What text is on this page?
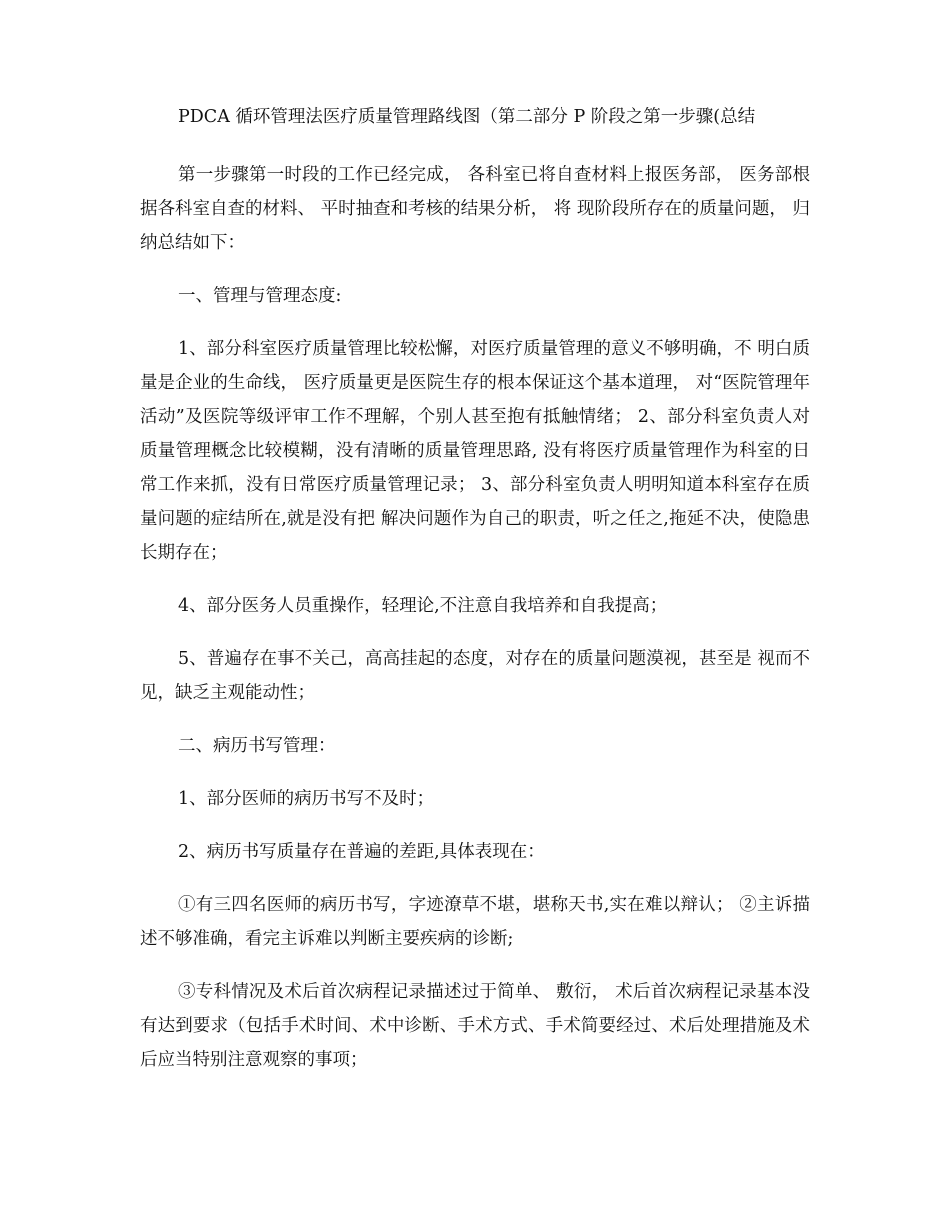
PDCA 循环管理法医疗质量管理路线图（第二部分 P 阶段之第一步骤(总结

第一步骤第一时段的工作已经完成， 各科室已将自查材料上报医务部， 医务部根据各科室自查的材料、 平时抽查和考核的结果分析， 将 现阶段所存在的质量问题， 归纳总结如下：

一、管理与管理态度:

1、部分科室医疗质量管理比较松懈，对医疗质量管理的意义不够明确，不 明白质量是企业的生命线， 医疗质量更是医院生存的根本保证这个基本道理， 对“医院管理年活动”及医院等级评审工作不理解，个别人甚至抱有抵触情绪； 2、部分科室负责人对质量管理概念比较模糊，没有清晰的质量管理思路, 没有将医疗质量管理作为科室的日常工作来抓，没有日常医疗质量管理记录； 3、部分科室负责人明明知道本科室存在质量问题的症结所在,就是没有把 解决问题作为自己的职责，听之任之,拖延不决，使隐患长期存在；

4、部分医务人员重操作，轻理论,不注意自我培养和自我提高；

5、普遍存在事不关己，高高挂起的态度，对存在的质量问题漠视，甚至是 视而不见，缺乏主观能动性；

二、病历书写管理：

1、部分医师的病历书写不及时；

2、病历书写质量存在普遍的差距,具体表现在：

①有三四名医师的病历书写，字迹潦草不堪，堪称天书,实在难以辩认； ②主诉描述不够准确，看完主诉难以判断主要疾病的诊断;

③专科情况及术后首次病程记录描述过于简单、 敷衍， 术后首次病程记录基本没有达到要求（包括手术时间、术中诊断、手术方式、手术简要经过、术后处理措施及术后应当特别注意观察的事项；
